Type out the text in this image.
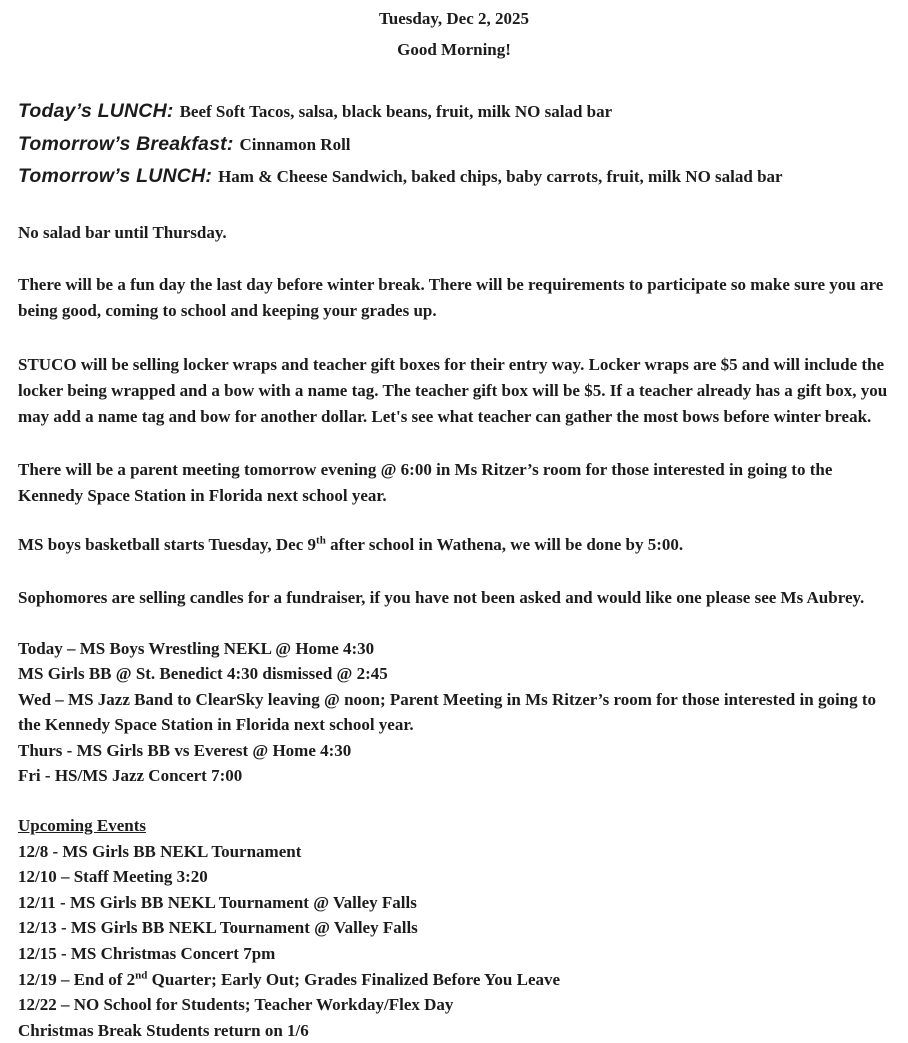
Tuesday, Dec 2, 2025
Good Morning!
Today’s LUNCH: Beef Soft Tacos, salsa, black beans, fruit, milk NO salad bar
Tomorrow’s Breakfast: Cinnamon Roll
Tomorrow’s LUNCH: Ham & Cheese Sandwich, baked chips, baby carrots, fruit, milk NO salad bar

No salad bar until Thursday.

There will be a fun day the last day before winter break. There will be requirements to participate so make sure you are being good, coming to school and keeping your grades up.

STUCO will be selling locker wraps and teacher gift boxes for their entry way. Locker wraps are $5 and will include the locker being wrapped and a bow with a name tag. The teacher gift box will be $5. If a teacher already has a gift box, you may add a name tag and bow for another dollar. Let's see what teacher can gather the most bows before winter break.

There will be a parent meeting tomorrow evening @ 6:00 in Ms Ritzer’s room for those interested in going to the Kennedy Space Station in Florida next school year.

MS boys basketball starts Tuesday, Dec 9th after school in Wathena, we will be done by 5:00.

Sophomores are selling candles for a fundraiser, if you have not been asked and would like one please see Ms Aubrey.

Today – MS Boys Wrestling NEKL @ Home 4:30
MS Girls BB @ St. Benedict 4:30 dismissed @ 2:45
Wed – MS Jazz Band to ClearSky leaving @ noon; Parent Meeting in Ms Ritzer’s room for those interested in going to the Kennedy Space Station in Florida next school year.
Thurs - MS Girls BB vs Everest @ Home 4:30
Fri - HS/MS Jazz Concert 7:00
Upcoming Events
12/8 - MS Girls BB NEKL Tournament
12/10 – Staff Meeting 3:20
12/11 - MS Girls BB NEKL Tournament @ Valley Falls
12/13 - MS Girls BB NEKL Tournament @ Valley Falls
12/15 - MS Christmas Concert 7pm
12/19 – End of 2nd Quarter; Early Out; Grades Finalized Before You Leave
12/22 – NO School for Students; Teacher Workday/Flex Day
Christmas Break Students return on 1/6
